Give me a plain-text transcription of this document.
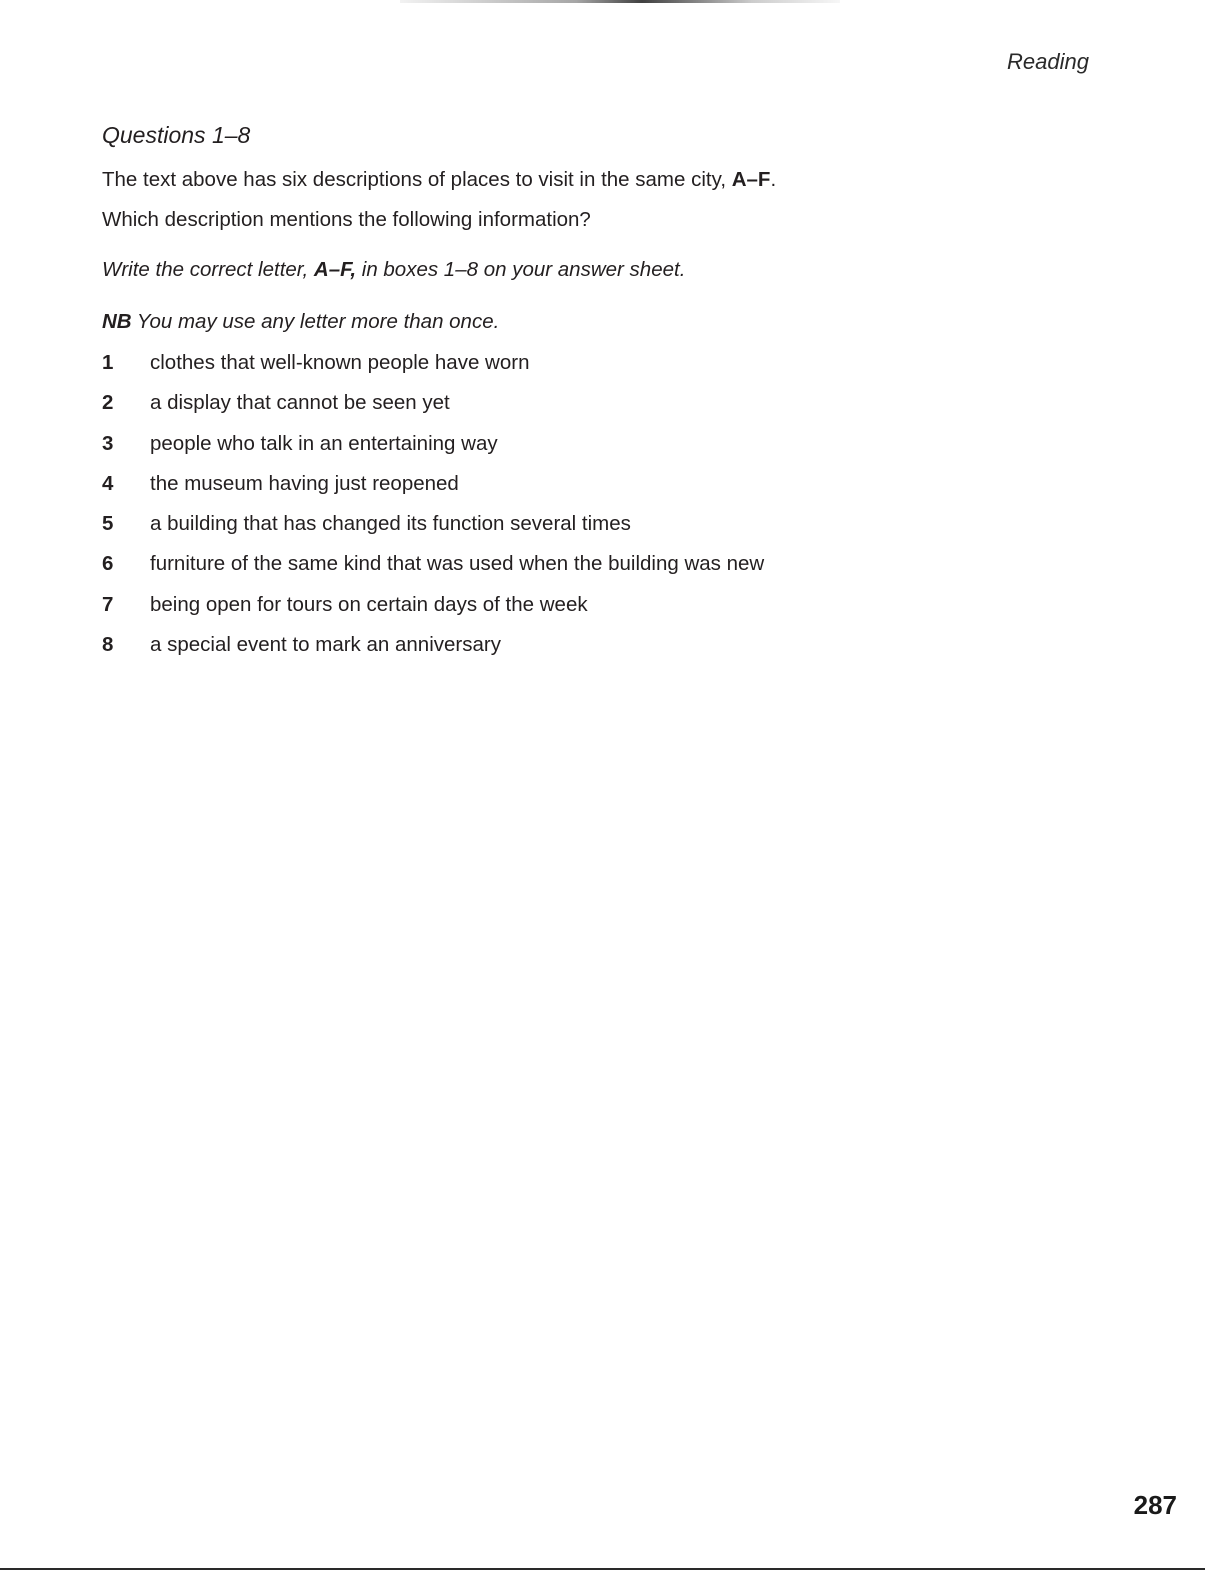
Reading
Questions 1–8

The text above has six descriptions of places to visit in the same city, A–F.

Which description mentions the following information?

Write the correct letter, A–F, in boxes 1–8 on your answer sheet.

NB You may use any letter more than once.

1	clothes that well-known people have worn
2	a display that cannot be seen yet
3	people who talk in an entertaining way
4	the museum having just reopened
5	a building that has changed its function several times
6	furniture of the same kind that was used when the building was new
7	being open for tours on certain days of the week
8	a special event to mark an anniversary
287
